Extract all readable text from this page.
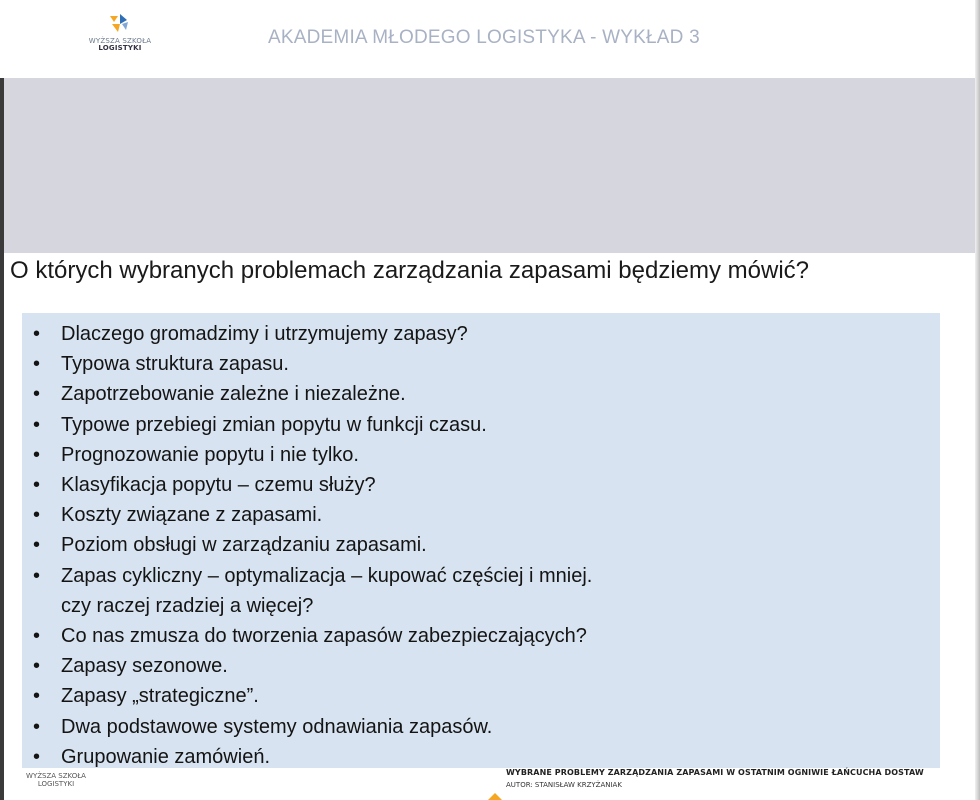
WYŻSZA SZKOŁA
LOGISTYKI	AKADEMIA MŁODEGO LOGISTYKA - WYKŁAD 3
O których wybranych problemach zarządzania zapasami będziemy mówić?
• Dlaczego gromadzimy i utrzymujemy zapasy?
• Typowa struktura zapasu.
• Zapotrzebowanie zależne i niezależne.
• Typowe przebiegi zmian popytu w funkcji czasu.
• Prognozowanie popytu i nie tylko.
• Klasyfikacja popytu – czemu służy?
• Koszty związane z zapasami.
• Poziom obsługi w zarządzaniu zapasami.
• Zapas cykliczny – optymalizacja – kupować częściej i mniej.
czy raczej rzadziej a więcej?
• Co nas zmusza do tworzenia zapasów zabezpieczających?
• Zapasy sezonowe.
• Zapasy „strategiczne”.
• Dwa podstawowe systemy odnawiania zapasów.
• Grupowanie zamówień.
WYŻSZA SZKOŁA
LOGISTYKI
WYBRANE PROBLEMY ZARZĄDZANIA ZAPASAMI W OSTATNIM OGNIWIE ŁAŃCUCHA DOSTAW
AUTOR: STANISŁAW KRZYŻANIAK
